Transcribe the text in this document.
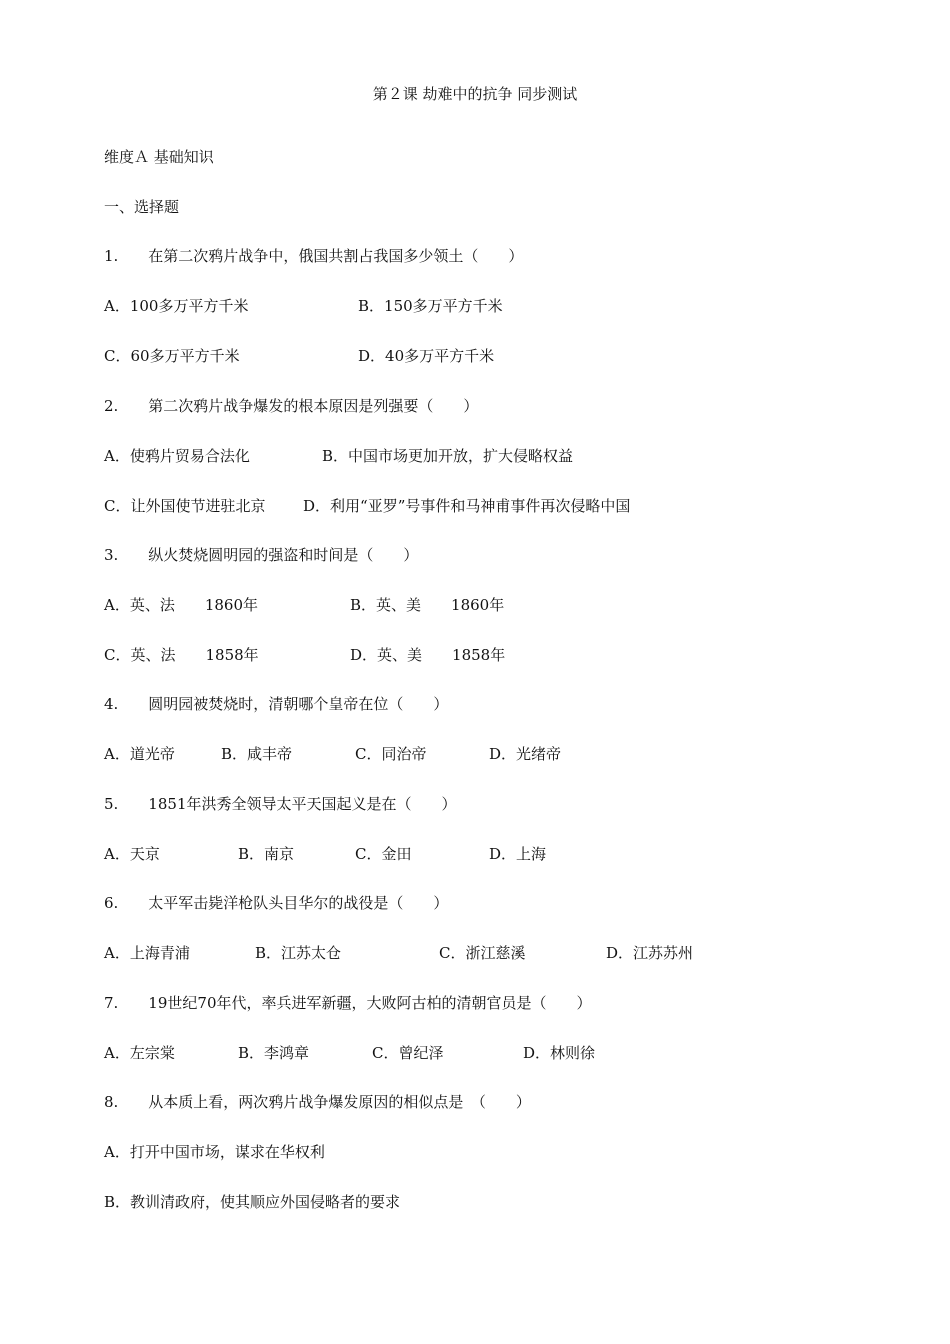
第２课 劫难中的抗争 同步测试
维度Ａ 基础知识
一、选择题
1.　　在第二次鸦片战争中，俄国共割占我国多少领土（　　）
A．100多万平方千米	B．150多万平方千米
C．60多万平方千米	D．40多万平方千米
2.　　第二次鸦片战争爆发的根本原因是列强要（　　）
A．使鸦片贸易合法化	B．中国市场更加开放，扩大侵略权益
C．让外国使节进驻北京	D．利用“亚罗”号事件和马神甫事件再次侵略中国
3.　　纵火焚烧圆明园的强盗和时间是（　　）
A．英、法　　1860年	B．英、美　　1860年
C．英、法　　1858年	D．英、美　　1858年
4.　　圆明园被焚烧时，清朝哪个皇帝在位（　　）
A．道光帝	B．咸丰帝	C．同治帝	D．光绪帝
5.　　1851年洪秀全领导太平天国起义是在（　　）
A．天京	B．南京	C．金田	D．上海
6.　　太平军击毙洋枪队头目华尔的战役是（　　）
A．上海青浦	B．江苏太仓	C．浙江慈溪	D．江苏苏州
7.　　19世纪70年代，率兵进军新疆，大败阿古柏的清朝官员是（　　）
A．左宗棠	B．李鸿章	C．曾纪泽	D．林则徐
8.　　从本质上看，两次鸦片战争爆发原因的相似点是　（　　）
A．打开中国市场，谋求在华权利
B．教训清政府，使其顺应外国侵略者的要求
